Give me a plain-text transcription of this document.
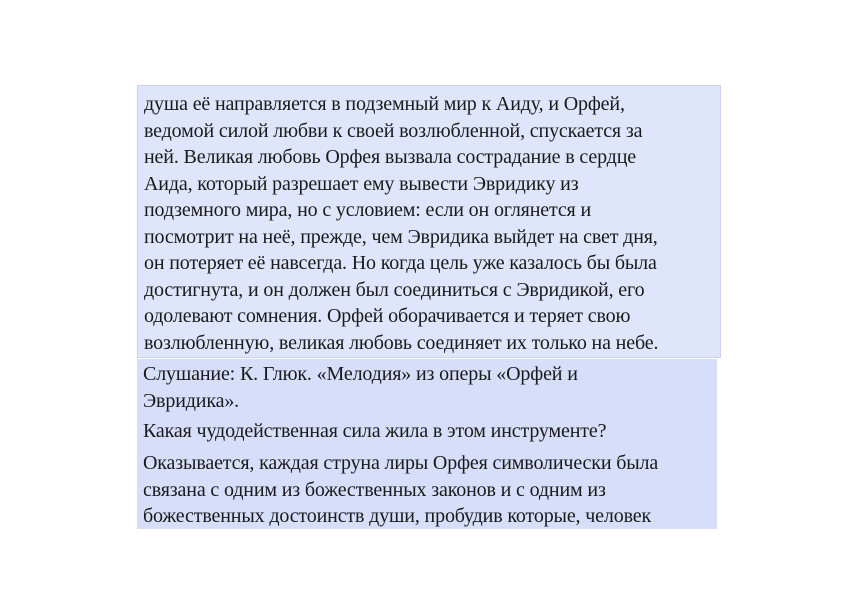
душа её направляется в подземный мир к Аиду, и Орфей,
ведомой силой любви к своей возлюбленной, спускается за
ней. Великая любовь Орфея вызвала сострадание в сердце
Аида, который разрешает ему вывести Эвридику из
подземного мира, но с условием: если он оглянется и
посмотрит на неё, прежде, чем Эвридика выйдет на свет дня,
он потеряет её навсегда. Но когда цель уже казалось бы была
достигнута, и он должен был соединиться с Эвридикой, его
одолевают сомнения. Орфей оборачивается и теряет свою
возлюбленную, великая любовь соединяет их только на небе.

Слушание: К. Глюк. «Мелодия» из оперы «Орфей и
Эвридика».

Какая чудодейственная сила жила в этом инструменте?

Оказывается, каждая струна лиры Орфея символически была
связана с одним из божественных законов и с одним из
божественных достоинств души, пробудив которые, человек
